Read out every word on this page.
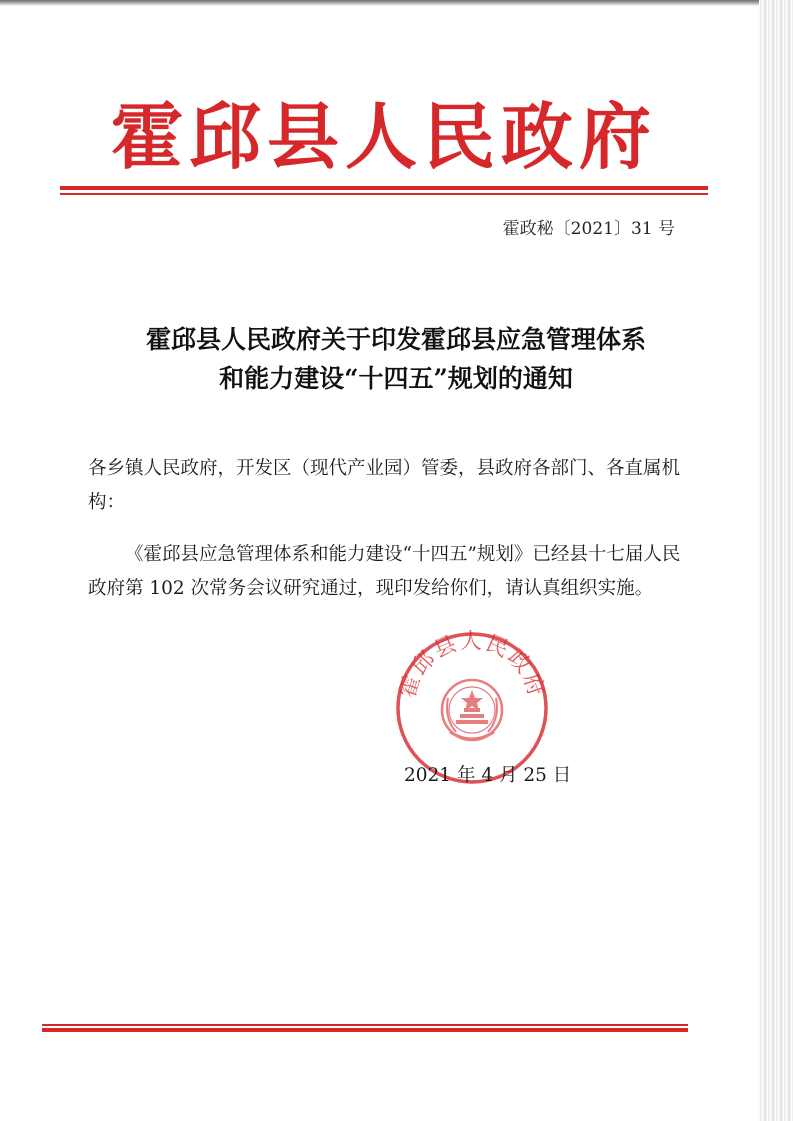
霍邱县人民政府
霍政秘〔2021〕31 号
霍邱县人民政府关于印发霍邱县应急管理体系
和能力建设“十四五”规划的通知
各乡镇人民政府，开发区（现代产业园）管委，县政府各部门、各直属机构：
《霍邱县应急管理体系和能力建设“十四五”规划》已经县十七届人民政府第 102 次常务会议研究通过，现印发给你们，请认真组织实施。
霍邱县人民政府
2021 年 4 月 25 日
